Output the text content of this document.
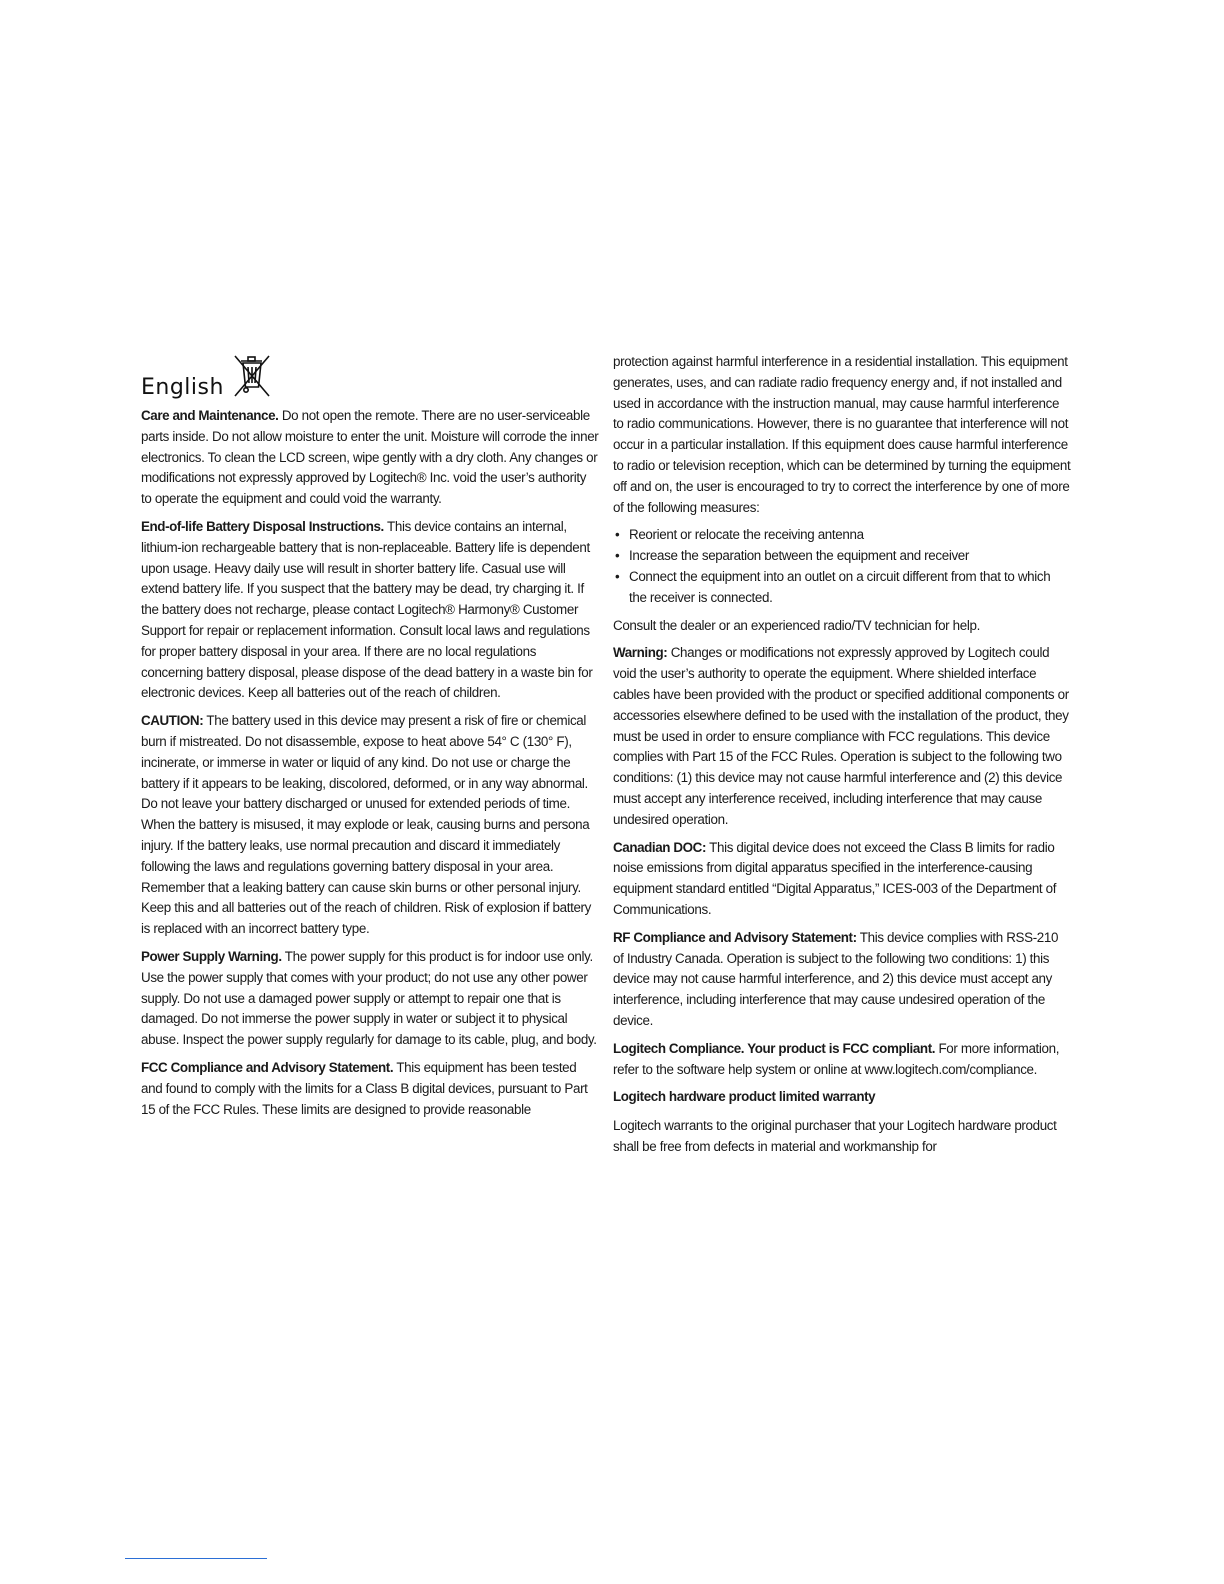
English

Care and Maintenance. Do not open the remote. There are no user-serviceable parts inside. Do not allow moisture to enter the unit. Moisture will corrode the inner electronics. To clean the LCD screen, wipe gently with a dry cloth. Any changes or modifications not expressly approved by Logitech® Inc. void the user’s authority to operate the equipment and could void the warranty.

End-of-life Battery Disposal Instructions. This device contains an internal, lithium-ion rechargeable battery that is non-replaceable. Battery life is dependent upon usage. Heavy daily use will result in shorter battery life. Casual use will extend battery life. If you suspect that the battery may be dead, try charging it. If the battery does not recharge, please contact Logitech® Harmony® Customer Support for repair or replacement information. Consult local laws and regulations for proper battery disposal in your area. If there are no local regulations concerning battery disposal, please dispose of the dead battery in a waste bin for electronic devices. Keep all batteries out of the reach of children.

CAUTION: The battery used in this device may present a risk of fire or chemical burn if mistreated. Do not disassemble, expose to heat above 54° C (130° F), incinerate, or immerse in water or liquid of any kind. Do not use or charge the battery if it appears to be leaking, discolored, deformed, or in any way abnormal. Do not leave your battery discharged or unused for extended periods of time. When the battery is misused, it may explode or leak, causing burns and persona injury. If the battery leaks, use normal precaution and discard it immediately following the laws and regulations governing battery disposal in your area. Remember that a leaking battery can cause skin burns or other personal injury. Keep this and all batteries out of the reach of children. Risk of explosion if battery is replaced with an incorrect battery type.

Power Supply Warning. The power supply for this product is for indoor use only. Use the power supply that comes with your product; do not use any other power supply. Do not use a damaged power supply or attempt to repair one that is damaged. Do not immerse the power supply in water or subject it to physical abuse. Inspect the power supply regularly for damage to its cable, plug, and body.

FCC Compliance and Advisory Statement. This equipment has been tested and found to comply with the limits for a Class B digital devices, pursuant to Part 15 of the FCC Rules. These limits are designed to provide reasonable

protection against harmful interference in a residential installation. This equipment generates, uses, and can radiate radio frequency energy and, if not installed and used in accordance with the instruction manual, may cause harmful interference to radio communications. However, there is no guarantee that interference will not occur in a particular installation. If this equipment does cause harmful interference to radio or television reception, which can be determined by turning the equipment off and on, the user is encouraged to try to correct the interference by one of more of the following measures:

• Reorient or relocate the receiving antenna
• Increase the separation between the equipment and receiver
• Connect the equipment into an outlet on a circuit different from that to which the receiver is connected.

Consult the dealer or an experienced radio/TV technician for help.

Warning: Changes or modifications not expressly approved by Logitech could void the user’s authority to operate the equipment. Where shielded interface cables have been provided with the product or specified additional components or accessories elsewhere defined to be used with the installation of the product, they must be used in order to ensure compliance with FCC regulations. This device complies with Part 15 of the FCC Rules. Operation is subject to the following two conditions: (1) this device may not cause harmful interference and (2) this device must accept any interference received, including interference that may cause undesired operation.

Canadian DOC: This digital device does not exceed the Class B limits for radio noise emissions from digital apparatus specified in the interference-causing equipment standard entitled “Digital Apparatus,” ICES-003 of the Department of Communications.

RF Compliance and Advisory Statement: This device complies with RSS-210 of Industry Canada. Operation is subject to the following two conditions: 1) this device may not cause harmful interference, and 2) this device must accept any interference, including interference that may cause undesired operation of the device.

Logitech Compliance. Your product is FCC compliant. For more information, refer to the software help system or online at www.logitech.com/compliance.

Logitech hardware product limited warranty

Logitech warrants to the original purchaser that your Logitech hardware product shall be free from defects in material and workmanship for
